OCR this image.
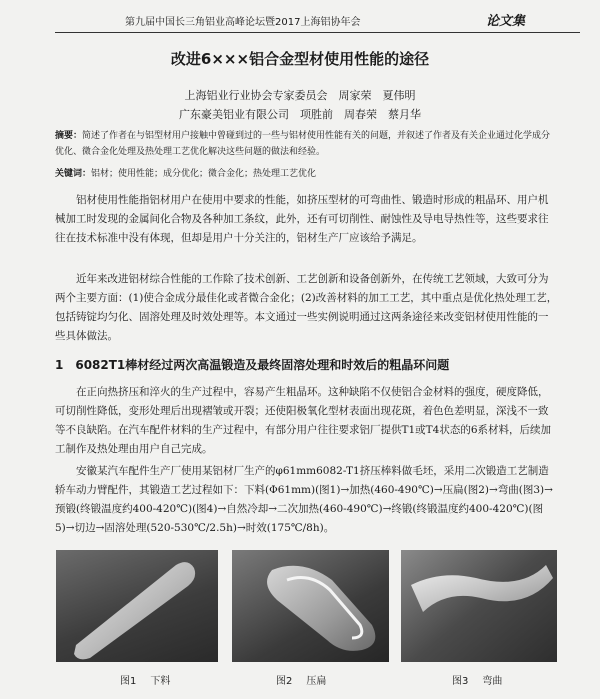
第九届中国长三角铝业高峰论坛暨2017上海铝协年会	论文集
改进6×××铝合金型材使用性能的途径
上海铝业行业协会专家委员会　周家荣　夏伟明
广东豪美铝业有限公司　项胜前　周春荣　蔡月华
摘要：简述了作者在与铝型材用户接触中曾碰到过的一些与铝材使用性能有关的问题，并叙述了作者及有关企业通过化学成分优化、微合金化处理及热处理工艺优化解决这些问题的做法和经验。
关键词：铝材；使用性能；成分优化；微合金化；热处理工艺优化
铝材使用性能指铝材用户在使用中要求的性能，如挤压型材的可弯曲性、锻造时形成的粗晶环、用户机械加工时发现的金属间化合物及各种加工条纹，此外，还有可切削性、耐蚀性及导电导热性等，这些要求往往在技术标准中没有体现，但却是用户十分关注的，铝材生产厂应该给予满足。
近年来改进铝材综合性能的工作除了技术创新、工艺创新和设备创新外，在传统工艺领域，大致可分为两个主要方面：(1)使合金成分最佳化或者微合金化；(2)改善材料的加工工艺，其中重点是优化热处理工艺，包括铸锭均匀化、固溶处理及时效处理等。本文通过一些实例说明通过这两条途径来改变铝材使用性能的一些具体做法。
1　6082T1棒材经过两次高温锻造及最终固溶处理和时效后的粗晶环问题
在正向热挤压和淬火的生产过程中，容易产生粗晶环。这种缺陷不仅使铝合金材料的强度，硬度降低，可切削性降低，变形处理后出现褶皱或开裂；还使阳极氧化型材表面出现花斑，着色色差明显，深浅不一致等不良缺陷。在汽车配件材料的生产过程中，有部分用户往往要求铝厂提供T1或T4状态的6系材料，后续加工制作及热处理由用户自己完成。
安徽某汽车配件生产厂使用某铝材厂生产的φ61mm6082-T1挤压棒料做毛坯，采用二次锻造工艺制造轿车动力臂配件，其锻造工艺过程如下：下料(Φ61mm)(图1)→加热(460-490℃)→压扁(图2)→弯曲(图3)→预锻(终锻温度约400-420℃)(图4)→自然冷却→二次加热(460-490℃)→终锻(终锻温度约400-420℃)(图5)→切边→固溶处理(520-530℃/2.5h)→时效(175℃/8h)。
图1 下料	图2 压扁	图3 弯曲
